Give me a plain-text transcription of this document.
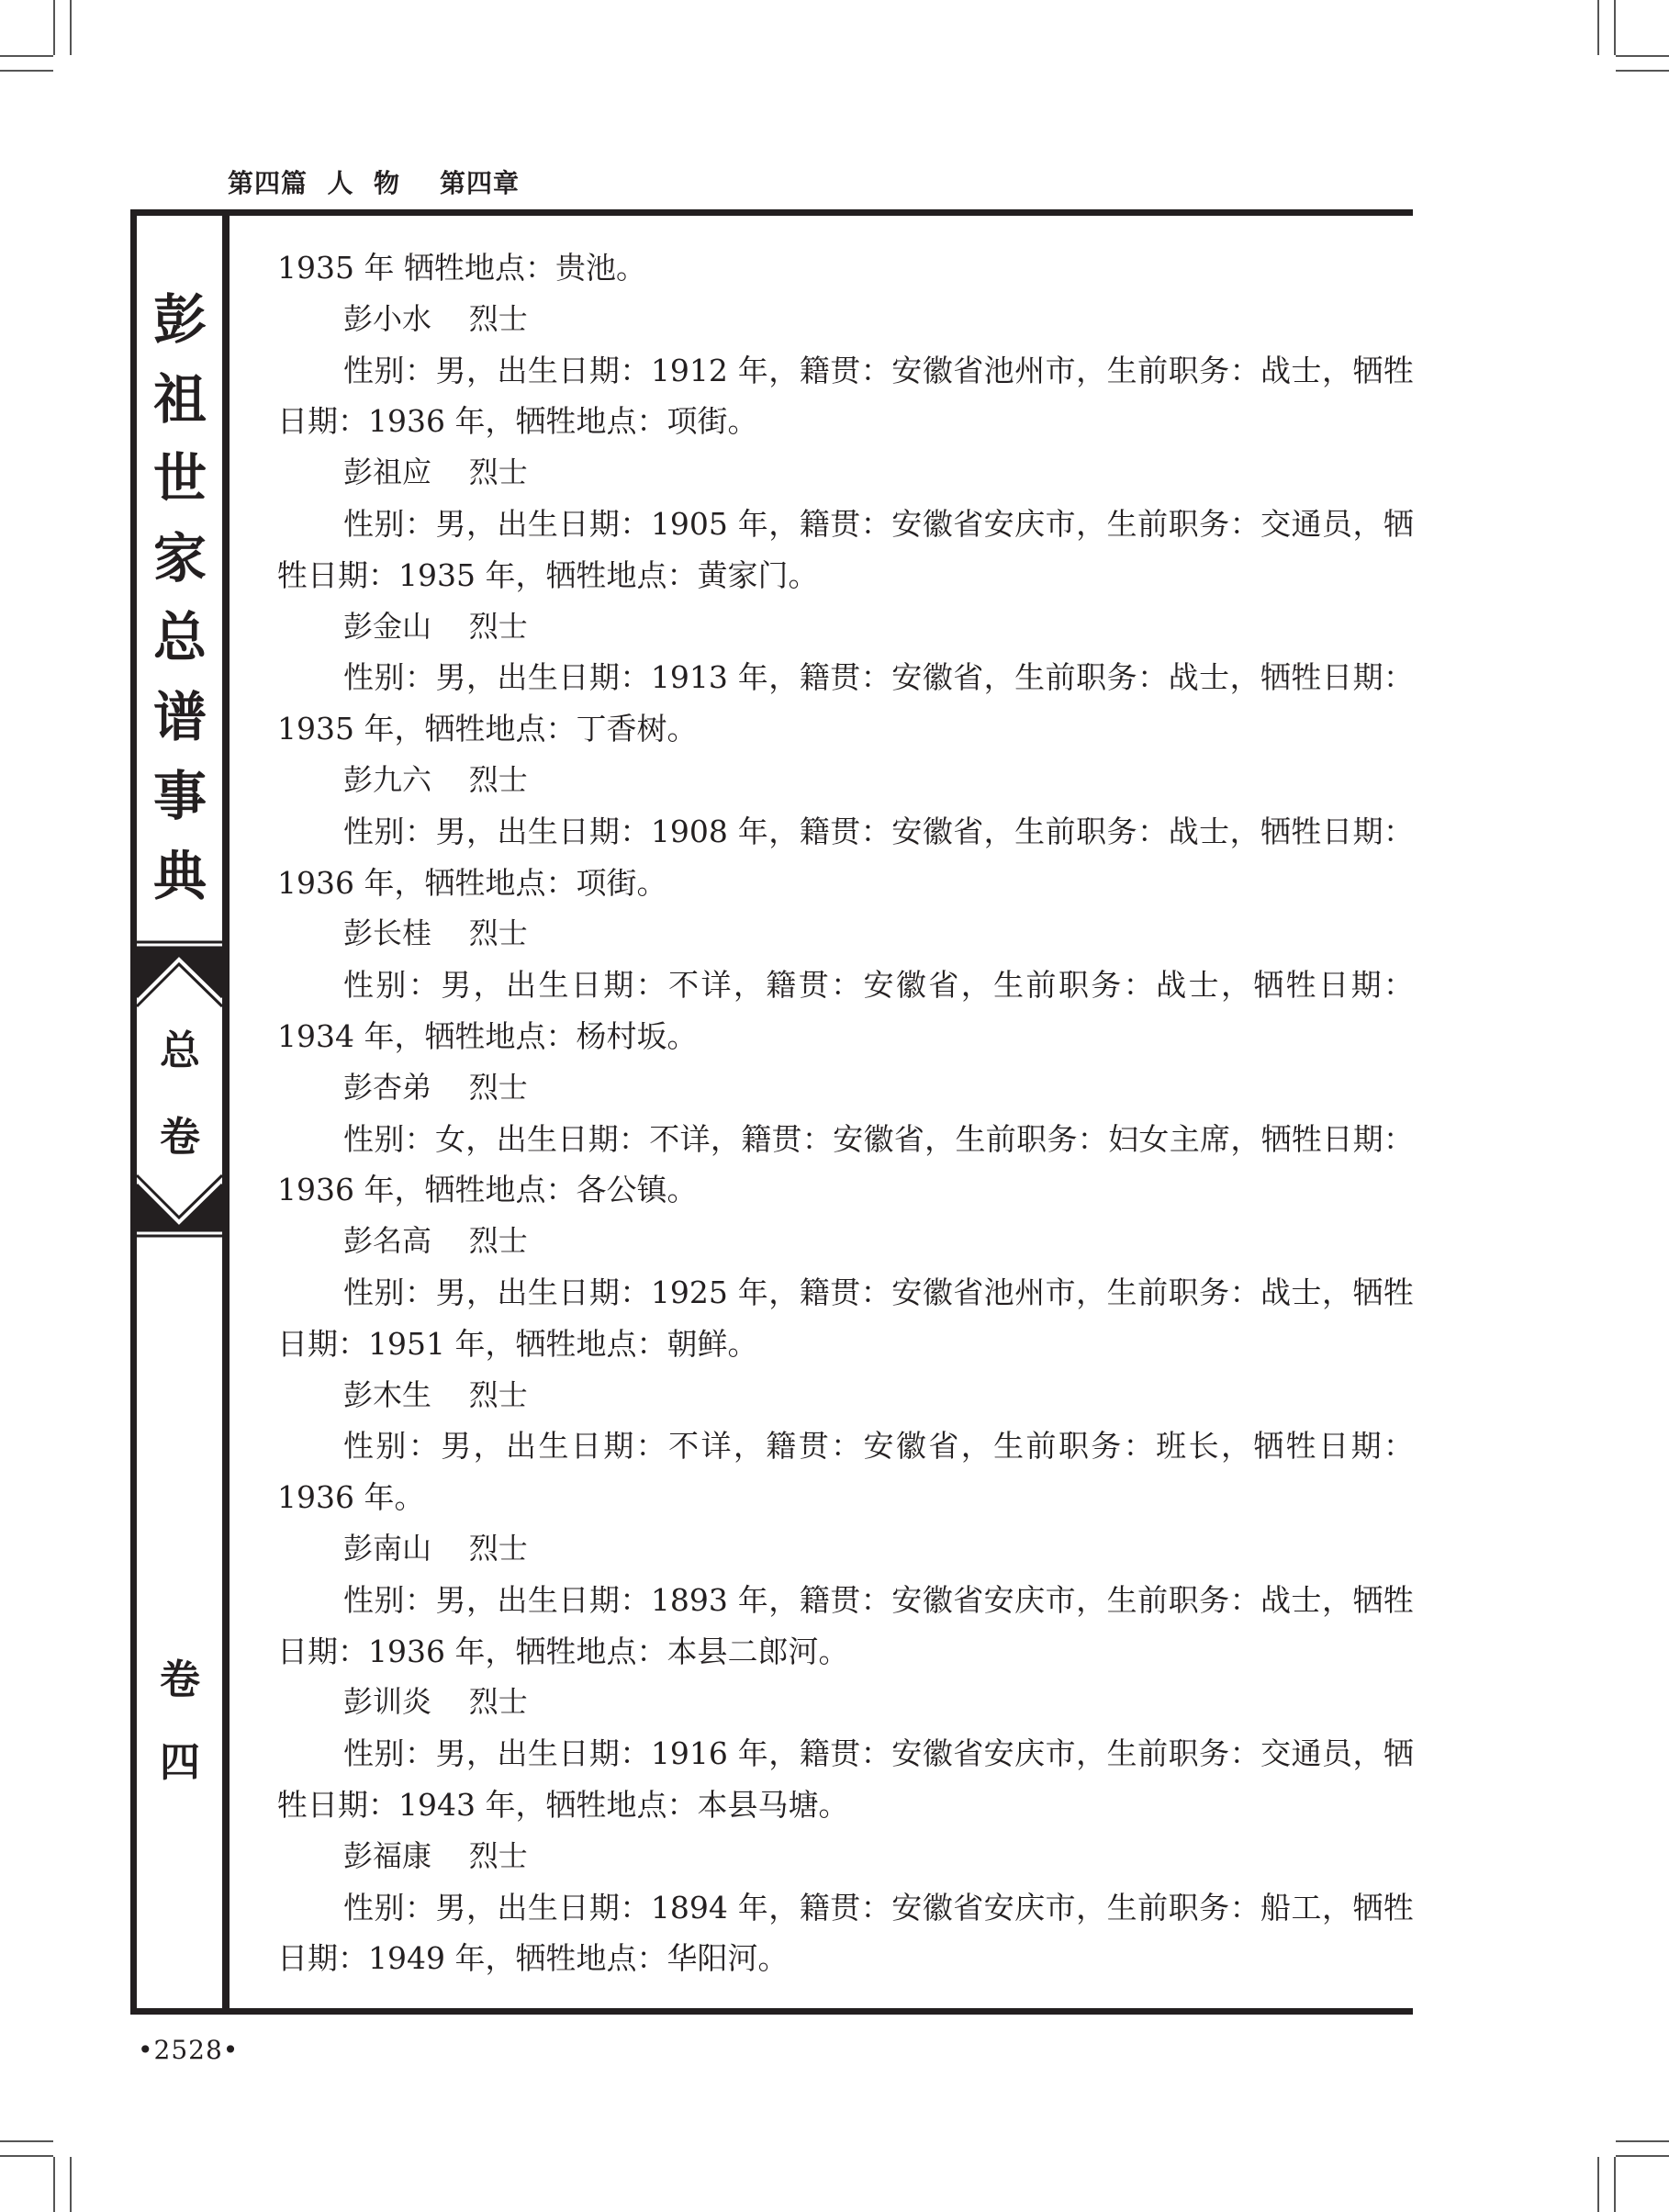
第四篇  人  物    第四章
彭
祖
世
家
总
谱
事
典
总
卷
卷
四
1935 年 牺牲地点：贵池。
彭小水    烈士
性别：男，出生日期：1912 年，籍贯：安徽省池州市，生前职务：战士，牺牲日期：1936 年，牺牲地点：项街。
彭祖应    烈士
性别：男，出生日期：1905 年，籍贯：安徽省安庆市，生前职务：交通员，牺牲日期：1935 年，牺牲地点：黄家门。
彭金山    烈士
性别：男，出生日期：1913 年，籍贯：安徽省，生前职务：战士，牺牲日期：1935 年，牺牲地点：丁香树。
彭九六    烈士
性别：男，出生日期：1908 年，籍贯：安徽省，生前职务：战士，牺牲日期：1936 年，牺牲地点：项街。
彭长桂    烈士
性别：男，出生日期：不详，籍贯：安徽省，生前职务：战士，牺牲日期：1934 年，牺牲地点：杨村坂。
彭杏弟    烈士
性别：女，出生日期：不详，籍贯：安徽省，生前职务：妇女主席，牺牲日期：1936 年，牺牲地点：各公镇。
彭名高    烈士
性别：男，出生日期：1925 年，籍贯：安徽省池州市，生前职务：战士，牺牲日期：1951 年，牺牲地点：朝鲜。
彭木生    烈士
性别：男，出生日期：不详，籍贯：安徽省，生前职务：班长，牺牲日期：1936 年。
彭南山    烈士
性别：男，出生日期：1893 年，籍贯：安徽省安庆市，生前职务：战士，牺牲日期：1936 年，牺牲地点：本县二郎河。
彭训炎    烈士
性别：男，出生日期：1916 年，籍贯：安徽省安庆市，生前职务：交通员，牺牲日期：1943 年，牺牲地点：本县马塘。
彭福康    烈士
性别：男，出生日期：1894 年，籍贯：安徽省安庆市，生前职务：船工，牺牲日期：1949 年，牺牲地点：华阳河。
•2528•
